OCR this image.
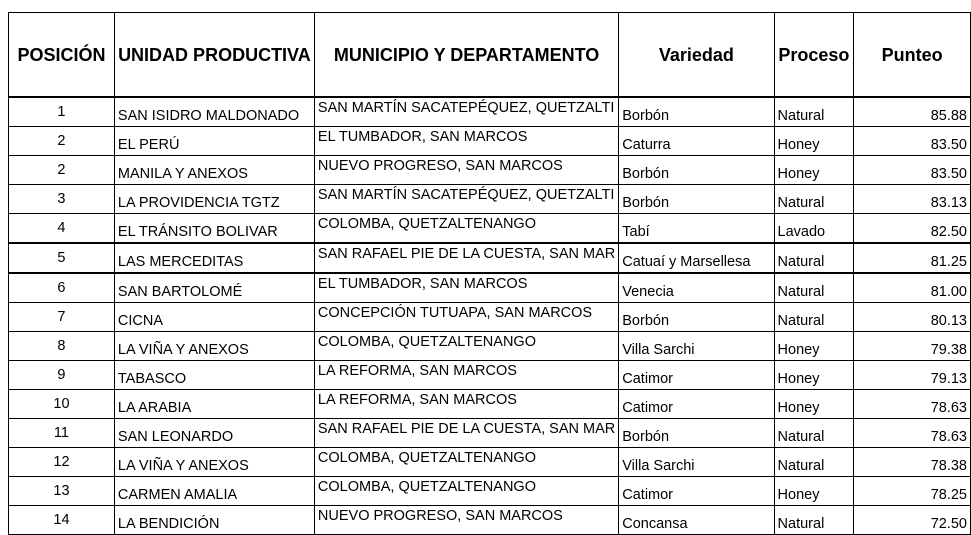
POSICIÓN	UNIDAD PRODUCTIVA	MUNICIPIO Y DEPARTAMENTO	Variedad	Proceso	Punteo
1	SAN ISIDRO MALDONADO	SAN MARTÍN SACATEPÉQUEZ, QUETZALTI	Borbón	Natural	85.88
2	EL PERÚ	EL TUMBADOR, SAN MARCOS	Caturra	Honey	83.50
2	MANILA Y ANEXOS	NUEVO PROGRESO, SAN MARCOS	Borbón	Honey	83.50
3	LA PROVIDENCIA TGTZ	SAN MARTÍN SACATEPÉQUEZ, QUETZALTI	Borbón	Natural	83.13
4	EL TRÁNSITO BOLIVAR	COLOMBA, QUETZALTENANGO	Tabí	Lavado	82.50
5	LAS MERCEDITAS	SAN RAFAEL PIE DE LA CUESTA, SAN MAR	Catuaí y Marsellesa	Natural	81.25
6	SAN BARTOLOMÉ	EL TUMBADOR, SAN MARCOS	Venecia	Natural	81.00
7	CICNA	CONCEPCIÓN TUTUAPA, SAN MARCOS	Borbón	Natural	80.13
8	LA VIÑA Y ANEXOS	COLOMBA, QUETZALTENANGO	Villa Sarchi	Honey	79.38
9	TABASCO	LA REFORMA, SAN MARCOS	Catimor	Honey	79.13
10	LA ARABIA	LA REFORMA, SAN MARCOS	Catimor	Honey	78.63
11	SAN LEONARDO	SAN RAFAEL PIE DE LA CUESTA, SAN MAR	Borbón	Natural	78.63
12	LA VIÑA Y ANEXOS	COLOMBA, QUETZALTENANGO	Villa Sarchi	Natural	78.38
13	CARMEN AMALIA	COLOMBA, QUETZALTENANGO	Catimor	Honey	78.25
14	LA BENDICIÓN	NUEVO PROGRESO, SAN MARCOS	Concansa	Natural	72.50
